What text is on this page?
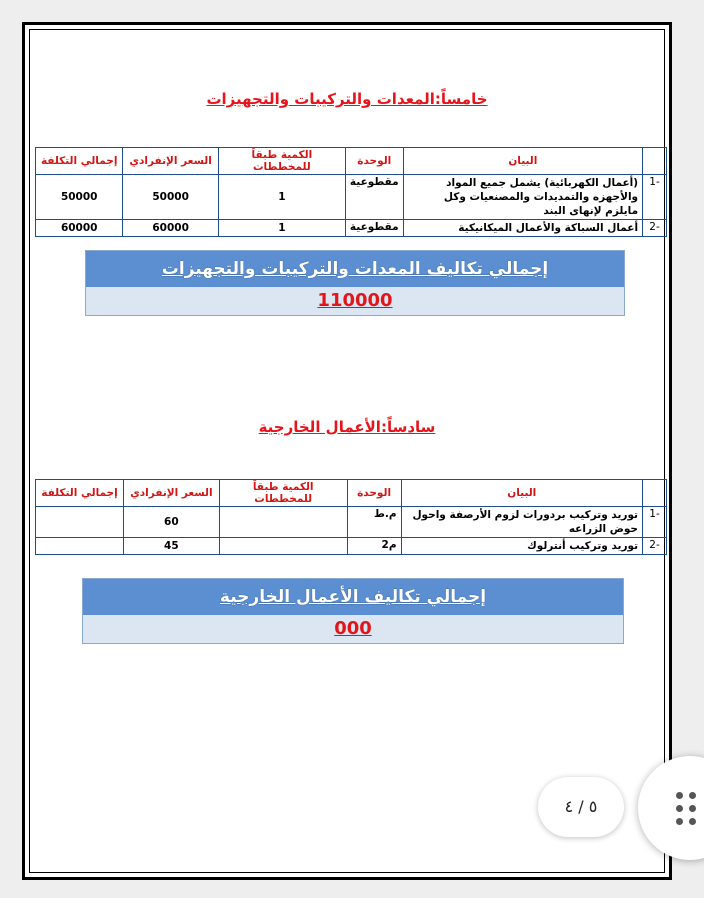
خامساً:المعدات والتركيبات والتجهيزات
	البيان	الوحدة	الكمية طبقاً للمخططات	السعر الإنفرادي	إجمالي التكلفة
-1	(أعمال الكهربائية) يشمل جميع المواد والأجهزه والتمديدات والمصنعيات وكل مايلزم لإنهاى البند	مقطوعية	1	50000	50000
-2	أعمال السباكة والأعمال الميكانيكية	مقطوعية	1	60000	60000
إجمالي تكاليف المعدات والتركيبات والتجهيزات
110000
سادساً:الأعمال الخارجية
	البيان	الوحدة	الكمية طبقاً للمخططات	السعر الإنفرادي	إجمالي التكلفة
-1	توريد وتركيب بردورات لزوم الأرصفة واحول حوض الزراعه	م.ط		60	
-2	توريد وتركيب أنترلوك	م2		45	
إجمالي تكاليف الأعمال الخارجية
000
٥ / ٤
